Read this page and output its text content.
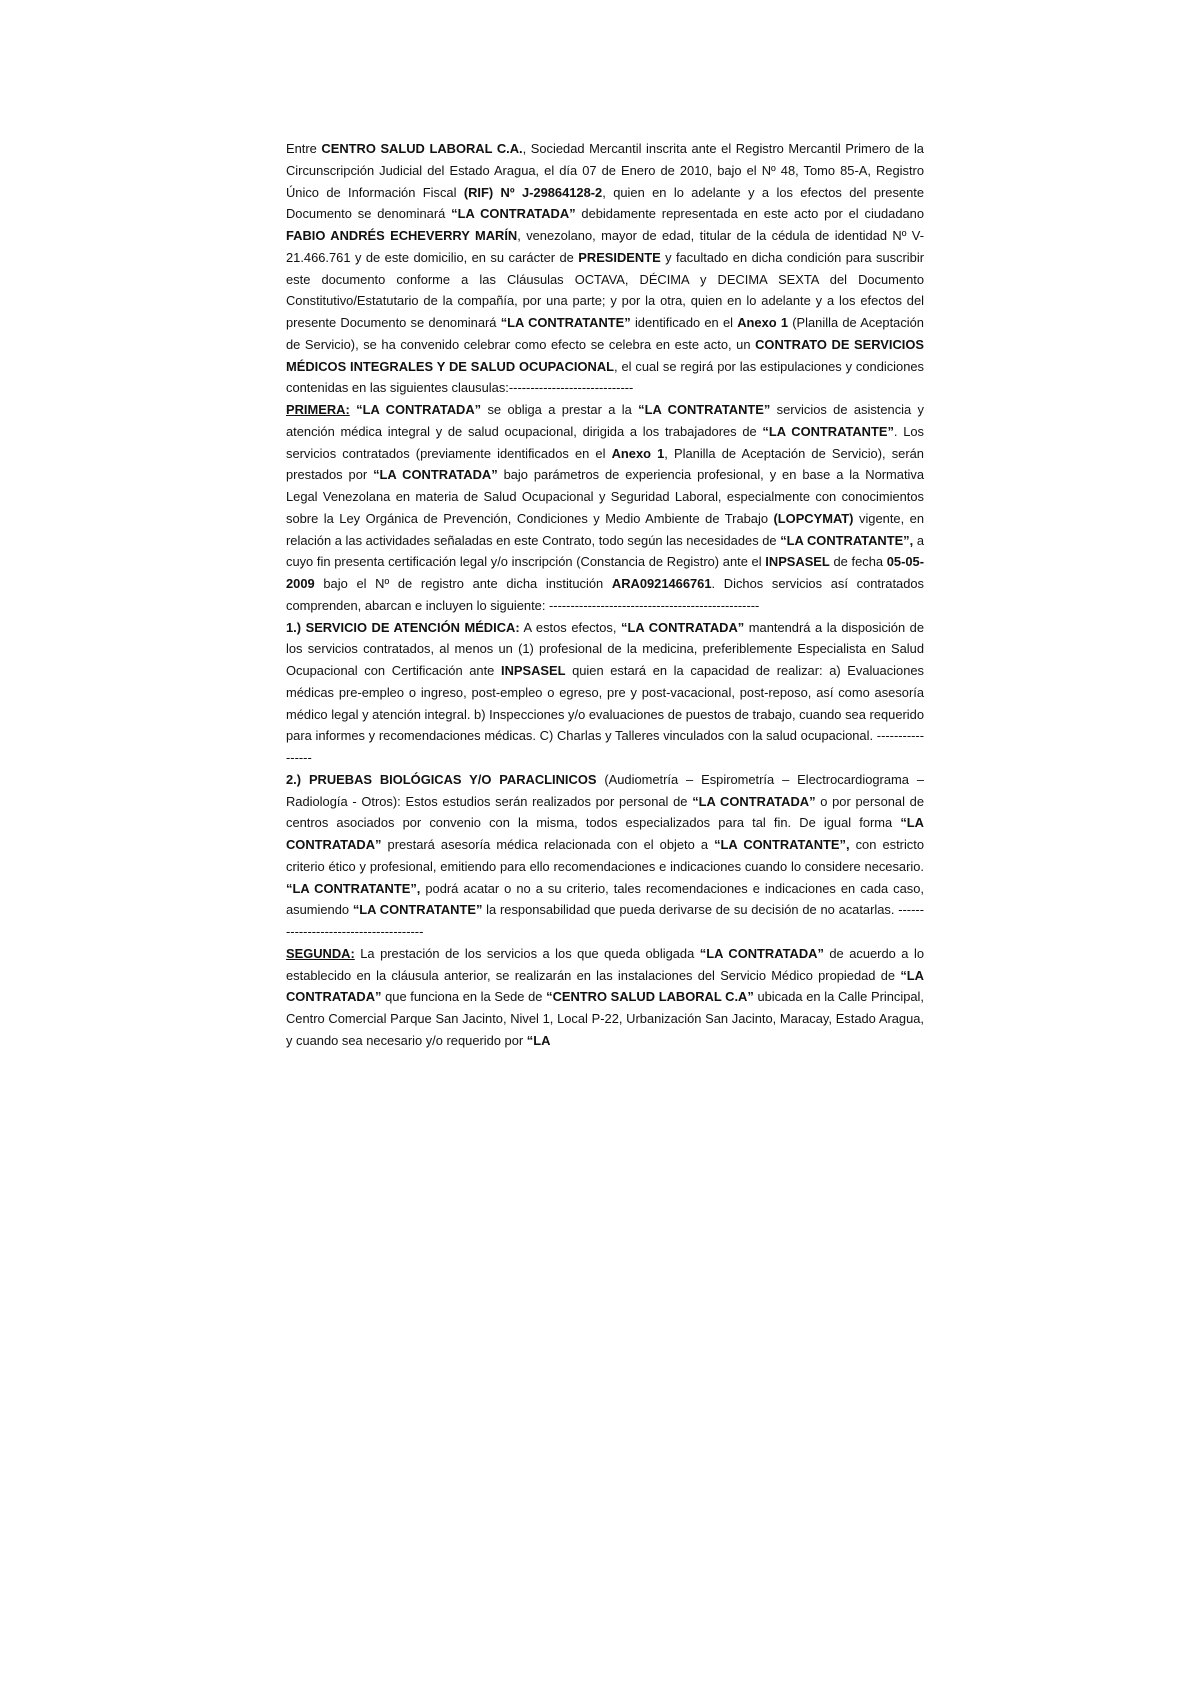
Entre CENTRO SALUD LABORAL C.A., Sociedad Mercantil inscrita ante el Registro Mercantil Primero de la Circunscripción Judicial del Estado Aragua, el día 07 de Enero de 2010, bajo el Nº 48, Tomo 85-A, Registro Único de Información Fiscal (RIF) Nº J-29864128-2, quien en lo adelante y a los efectos del presente Documento se denominará “LA CONTRATADA” debidamente representada en este acto por el ciudadano FABIO ANDRÉS ECHEVERRY MARÍN, venezolano, mayor de edad, titular de la cédula de identidad Nº V-21.466.761 y de este domicilio, en su carácter de PRESIDENTE y facultado en dicha condición para suscribir este documento conforme a las Cláusulas OCTAVA, DÉCIMA y DECIMA SEXTA del Documento Constitutivo/Estatutario de la compañía, por una parte; y por la otra, quien en lo adelante y a los efectos del presente Documento se denominará “LA CONTRATANTE” identificado en el Anexo 1 (Planilla de Aceptación de Servicio), se ha convenido celebrar como efecto se celebra en este acto, un CONTRATO DE SERVICIOS MÉDICOS INTEGRALES Y DE SALUD OCUPACIONAL, el cual se regirá por las estipulaciones y condiciones contenidas en las siguientes clausulas:-----------------------------

PRIMERA: “LA CONTRATADA” se obliga a prestar a la “LA CONTRATANTE” servicios de asistencia y atención médica integral y de salud ocupacional, dirigida a los trabajadores de “LA CONTRATANTE”. Los servicios contratados (previamente identificados en el Anexo 1, Planilla de Aceptación de Servicio), serán prestados por “LA CONTRATADA” bajo parámetros de experiencia profesional, y en base a la Normativa Legal Venezolana en materia de Salud Ocupacional y Seguridad Laboral, especialmente con conocimientos sobre la Ley Orgánica de Prevención, Condiciones y Medio Ambiente de Trabajo (LOPCYMAT) vigente, en relación a las actividades señaladas en este Contrato, todo según las necesidades de “LA CONTRATANTE”, a cuyo fin presenta certificación legal y/o inscripción (Constancia de Registro) ante el INPSASEL de fecha 05-05-2009 bajo el Nº de registro ante dicha institución ARA0921466761. Dichos servicios así contratados comprenden, abarcan e incluyen lo siguiente: -------------------------------------------------

1.) SERVICIO DE ATENCIÓN MÉDICA: A estos efectos, “LA CONTRATADA” mantendrá a la disposición de los servicios contratados, al menos un (1) profesional de la medicina, preferiblemente Especialista en Salud Ocupacional con Certificación ante INPSASEL quien estará en la capacidad de realizar: a) Evaluaciones médicas pre-empleo o ingreso, post-empleo o egreso, pre y post-vacacional, post-reposo, así como asesoría médico legal y atención integral. b) Inspecciones y/o evaluaciones de puestos de trabajo, cuando sea requerido para informes y recomendaciones médicas. C) Charlas y Talleres vinculados con la salud ocupacional. -----------------

2.) PRUEBAS BIOLÓGICAS Y/O PARACLINICOS (Audiometría – Espirometría – Electrocardiograma – Radiología - Otros): Estos estudios serán realizados por personal de “LA CONTRATADA” o por personal de centros asociados por convenio con la misma, todos especializados para tal fin. De igual forma “LA CONTRATADA” prestará asesoría médica relacionada con el objeto a “LA CONTRATANTE”, con estricto criterio ético y profesional, emitiendo para ello recomendaciones e indicaciones cuando lo considere necesario. “LA CONTRATANTE”, podrá acatar o no a su criterio, tales recomendaciones e indicaciones en cada caso, asumiendo “LA CONTRATANTE” la responsabilidad que pueda derivarse de su decisión de no acatarlas. --------------------------------------

SEGUNDA: La prestación de los servicios a los que queda obligada “LA CONTRATADA” de acuerdo a lo establecido en la cláusula anterior, se realizarán en las instalaciones del Servicio Médico propiedad de “LA CONTRATADA” que funciona en la Sede de “CENTRO SALUD LABORAL C.A” ubicada en la Calle Principal, Centro Comercial Parque San Jacinto, Nivel 1, Local P-22, Urbanización San Jacinto, Maracay, Estado Aragua, y cuando sea necesario y/o requerido por “LA
